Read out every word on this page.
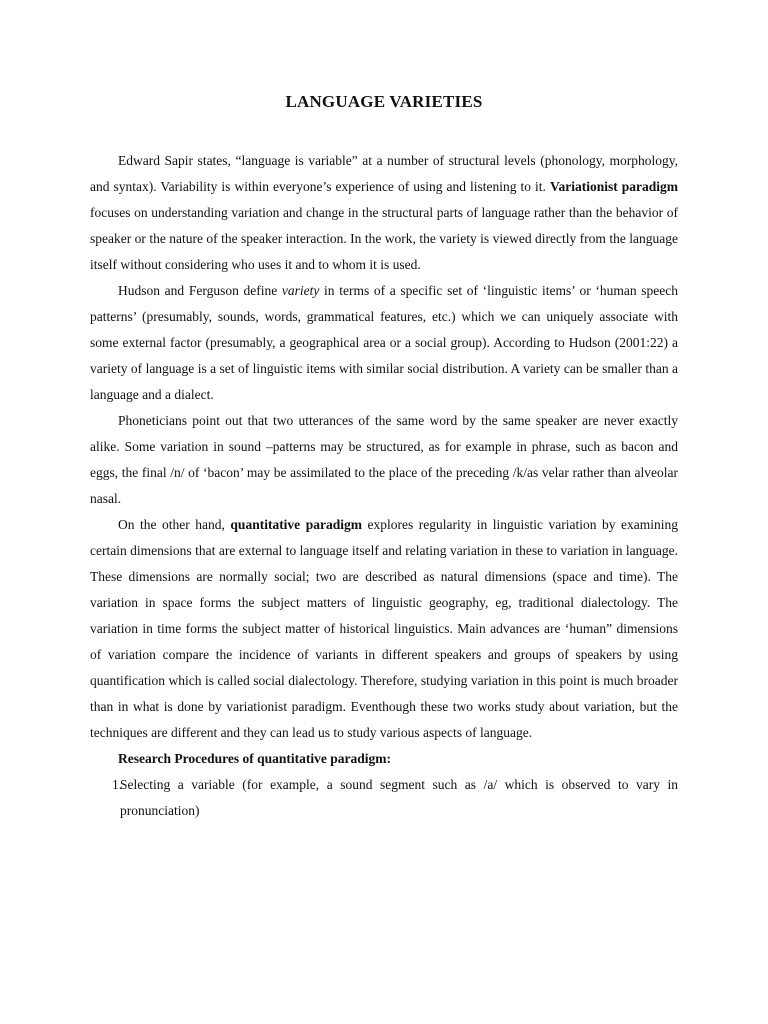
LANGUAGE VARIETIES

Edward Sapir states, “language is variable” at a number of structural levels (phonology, morphology, and syntax). Variability is within everyone’s experience of using and listening to it. Variationist paradigm focuses on understanding variation and change in the structural parts of language rather than the behavior of speaker or the nature of the speaker interaction. In the work, the variety is viewed directly from the language itself without considering who uses it and to whom it is used.

Hudson and Ferguson define variety in terms of a specific set of ‘linguistic items’ or ‘human speech patterns’ (presumably, sounds, words, grammatical features, etc.) which we can uniquely associate with some external factor (presumably, a geographical area or a social group). According to Hudson (2001:22) a variety of language is a set of linguistic items with similar social distribution. A variety can be smaller than a language and a dialect.

Phoneticians point out that two utterances of the same word by the same speaker are never exactly alike. Some variation in sound –patterns may be structured, as for example in phrase, such as bacon and eggs, the final /n/ of ‘bacon’ may be assimilated to the place of the preceding /k/as velar rather than alveolar nasal.

On the other hand, quantitative paradigm explores regularity in linguistic variation by examining certain dimensions that are external to language itself and relating variation in these to variation in language. These dimensions are normally social; two are described as natural dimensions (space and time). The variation in space forms the subject matters of linguistic geography, eg, traditional dialectology. The variation in time forms the subject matter of historical linguistics. Main advances are ‘human” dimensions of variation compare the incidence of variants in different speakers and groups of speakers by using quantification which is called social dialectology. Therefore, studying variation in this point is much broader than in what is done by variationist paradigm. Eventhough these two works study about variation, but the techniques are different and they can lead us to study various aspects of language.

Research Procedures of quantitative paradigm:

1.
Selecting a variable (for example, a sound segment such as /a/ which is observed to vary in pronunciation)
